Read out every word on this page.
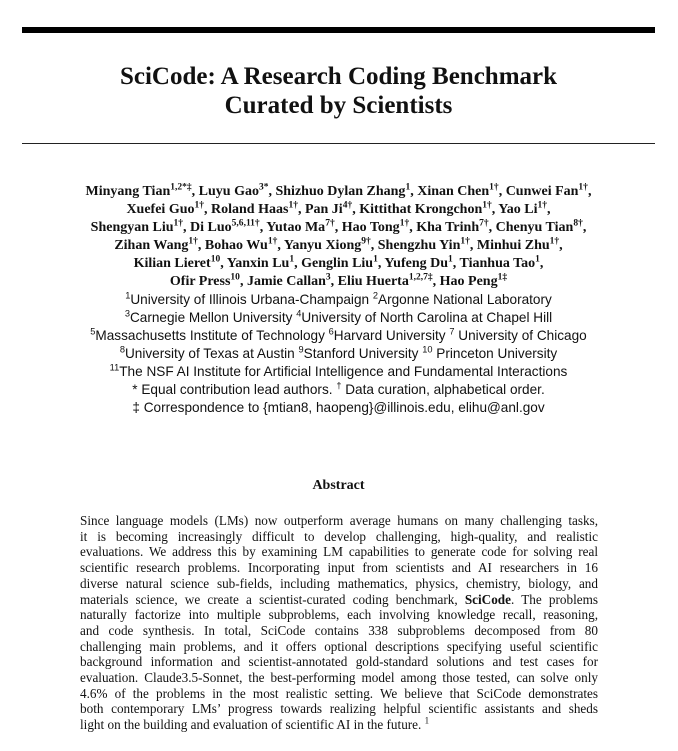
SciCode: A Research Coding Benchmark
Curated by Scientists
Minyang Tian$^{1,2*\ddagger}$, Luyu Gao$^{3*}$, Shizhuo Dylan Zhang$^1$, Xinan Chen$^{1\dagger}$, Cunwei Fan$^{1\dagger}$,
Xuefei Guo$^{1\dagger}$, Roland Haas$^{1\dagger}$, Pan $Ji^{4\dagger}$, Kittithat Krongchon$^{1\dagger}$, Yao $Li^{1\dagger}$,
Shengyan Liu$^{1\dagger}$, Di Luo$^{5,6,11\dagger}$, Yutao $Ma^{7\dagger}$, Hao Tong$^{1\dagger}$, Kha Trinh$^{7\dagger}$, Chenyu Tian$^{8\dagger}$,
Zihan Wang$^{1\dagger}$, Bohao $Wu^{1\dagger}$, Yanyu Xiong$^{9\dagger}$, Shengzhu Yin$^{1\dagger}$, Minhui Zhu$^{1\dagger}$,
Kilian Lieret$^{10}$, Yanxin Lu$^1$, Genglin Liu$^1$, Yufeng Du$^1$, Tianhua Tao$^1$,
Ofir Press$^{10}$, Jamie Callan$^3$, Eliu Huerta$^{1,2,7\ddagger}$, Hao Peng$^{1\ddagger}$
$^1$University of Illinois Urbana-Champaign $^2$Argonne National Laboratory
$^3$Carnegie Mellon University $^4$University of North Carolina at Chapel Hill
$^5$Massachusetts Institute of Technology $^6$Harvard University $^7$ University of Chicago
$^8$University of Texas at Austin $^9$Stanford University $^{10}$ Princeton University
$^{11}$The NSF AI Institute for Artificial Intelligence and Fundamental Interactions
* Equal contribution lead authors. † Data curation, alphabetical order.
‡ Correspondence to {mtian8, haopeng}@illinois.edu, elihu@anl.gov
Abstract
Since language models (LMs) now outperform average humans on many challenging tasks,
it is becoming increasingly difficult to develop challenging, high-quality, and realistic
evaluations. We address this by examining LM capabilities to generate code for solving real
scientific research problems. Incorporating input from scientists and AI researchers in 16
diverse natural science sub-fields, including mathematics, physics, chemistry, biology, and
materials science, we create a scientist-curated coding benchmark, SciCode. The problems
naturally factorize into multiple subproblems, each involving knowledge recall, reasoning,
and code synthesis. In total, SciCode contains 338 subproblems decomposed from 80
challenging main problems, and it offers optional descriptions specifying useful scientific
background information and scientist-annotated gold-standard solutions and test cases for
evaluation. Claude3.5-Sonnet, the best-performing model among those tested, can solve only
4.6% of the problems in the most realistic setting. We believe that SciCode demonstrates
both contemporary LMs’ progress towards realizing helpful scientific assistants and sheds
light on the building and evaluation of scientific AI in the future. $^1$
